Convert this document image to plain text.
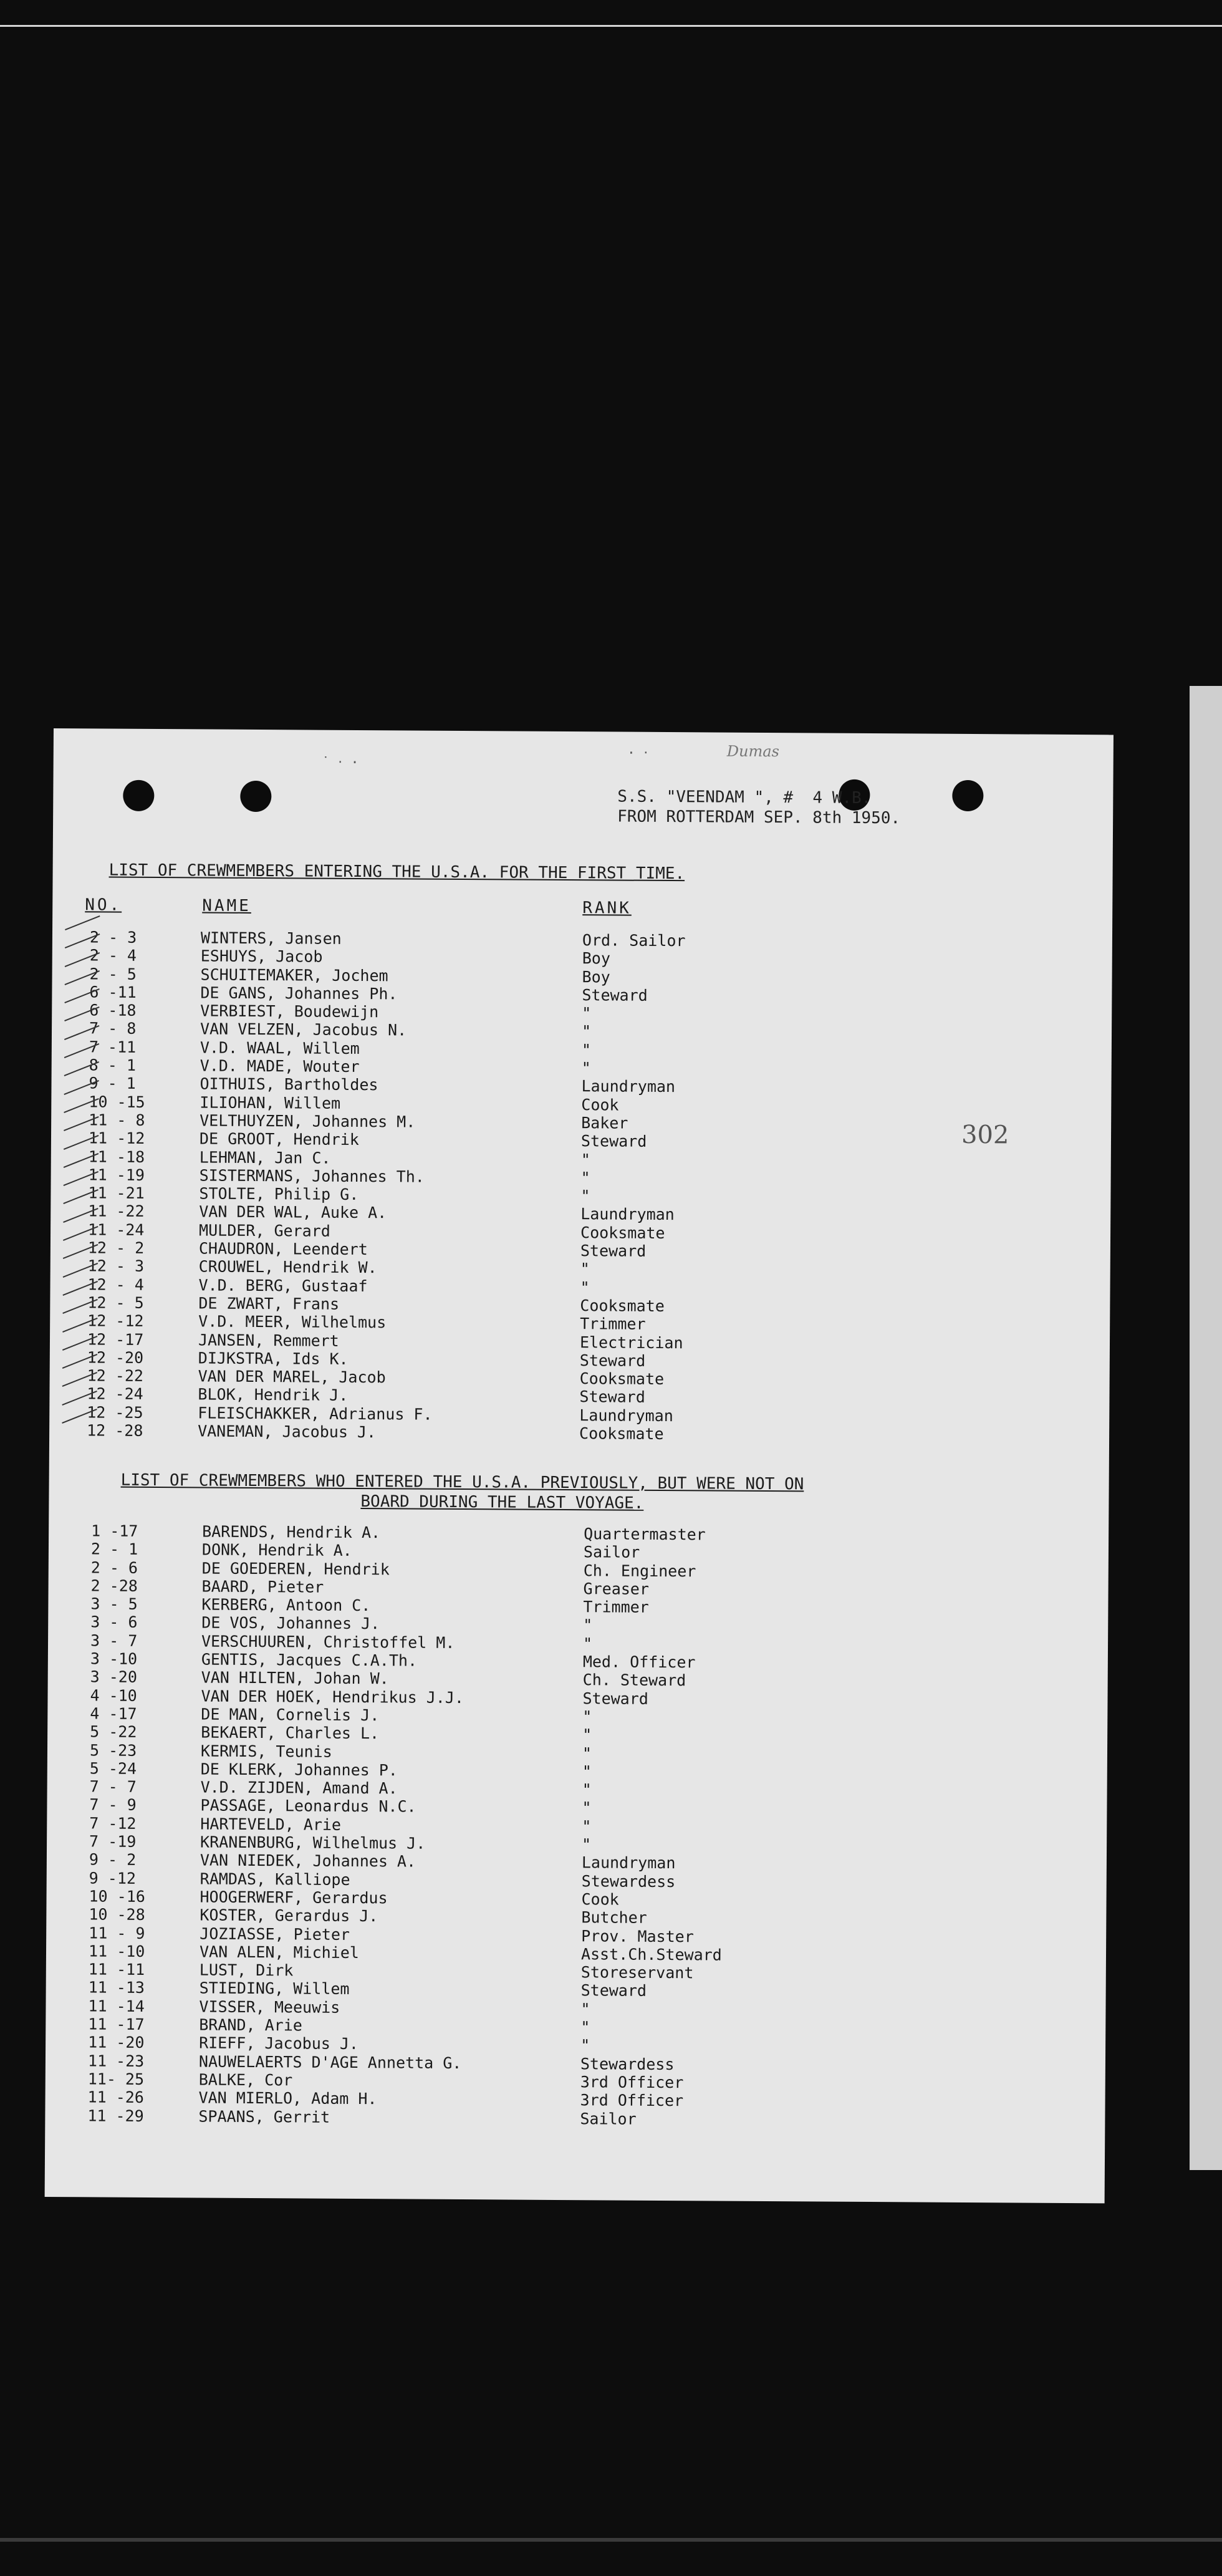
˙ ‧ ·
· ‧	Dumas
S.S. "VEENDAM ", #  4 W.B.
FROM ROTTERDAM SEP. 8th 1950.
302
LIST OF CREWMEMBERS ENTERING THE U.S.A. FOR THE FIRST TIME.
NO.	NAME	RANK
2 - 3	WINTERS, Jansen	Ord. Sailor
2 - 4	ESHUYS, Jacob	Boy
2 - 5	SCHUITEMAKER, Jochem	Boy
6 -11	DE GANS, Johannes Ph.	Steward
6 -18	VERBIEST, Boudewijn	"
7 - 8	VAN VELZEN, Jacobus N.	"
7 -11	V.D. WAAL, Willem	"
8 - 1	V.D. MADE, Wouter	"
9 - 1	OITHUIS, Bartholdes	Laundryman
10 -15	ILIOHAN, Willem	Cook
11 - 8	VELTHUYZEN, Johannes M.	Baker
11 -12	DE GROOT, Hendrik	Steward
11 -18	LEHMAN, Jan C.	"
11 -19	SISTERMANS, Johannes Th.	"
11 -21	STOLTE, Philip G.	"
11 -22	VAN DER WAL, Auke A.	Laundryman
11 -24	MULDER, Gerard	Cooksmate
12 - 2	CHAUDRON, Leendert	Steward
12 - 3	CROUWEL, Hendrik W.	"
12 - 4	V.D. BERG, Gustaaf	"
12 - 5	DE ZWART, Frans	Cooksmate
12 -12	V.D. MEER, Wilhelmus	Trimmer
12 -17	JANSEN, Remmert	Electrician
12 -20	DIJKSTRA, Ids K.	Steward
12 -22	VAN DER MAREL, Jacob	Cooksmate
12 -24	BLOK, Hendrik J.	Steward
12 -25	FLEISCHAKKER, Adrianus F.	Laundryman
12 -28	VANEMAN, Jacobus J.	Cooksmate
LIST OF CREWMEMBERS WHO ENTERED THE U.S.A. PREVIOUSLY, BUT WERE NOT ON
BOARD DURING THE LAST VOYAGE.
1 -17	BARENDS, Hendrik A.	Quartermaster
2 - 1	DONK, Hendrik A.	Sailor
2 - 6	DE GOEDEREN, Hendrik	Ch. Engineer
2 -28	BAARD, Pieter	Greaser
3 - 5	KERBERG, Antoon C.	Trimmer
3 - 6	DE VOS, Johannes J.	"
3 - 7	VERSCHUUREN, Christoffel M.	"
3 -10	GENTIS, Jacques C.A.Th.	Med. Officer
3 -20	VAN HILTEN, Johan W.	Ch. Steward
4 -10	VAN DER HOEK, Hendrikus J.J.	Steward
4 -17	DE MAN, Cornelis J.	"
5 -22	BEKAERT, Charles L.	"
5 -23	KERMIS, Teunis	"
5 -24	DE KLERK, Johannes P.	"
7 - 7	V.D. ZIJDEN, Amand A.	"
7 - 9	PASSAGE, Leonardus N.C.	"
7 -12	HARTEVELD, Arie	"
7 -19	KRANENBURG, Wilhelmus J.	"
9 - 2	VAN NIEDEK, Johannes A.	Laundryman
9 -12	RAMDAS, Kalliope	Stewardess
10 -16	HOOGERWERF, Gerardus	Cook
10 -28	KOSTER, Gerardus J.	Butcher
11 - 9	JOZIASSE, Pieter	Prov. Master
11 -10	VAN ALEN, Michiel	Asst.Ch.Steward
11 -11	LUST, Dirk	Storeservant
11 -13	STIEDING, Willem	Steward
11 -14	VISSER, Meeuwis	"
11 -17	BRAND, Arie	"
11 -20	RIEFF, Jacobus J.	"
11 -23	NAUWELAERTS D'AGE Annetta G.	Stewardess
11- 25	BALKE, Cor	3rd Officer
11 -26	VAN MIERLO, Adam H.	3rd Officer
11 -29	SPAANS, Gerrit	Sailor
